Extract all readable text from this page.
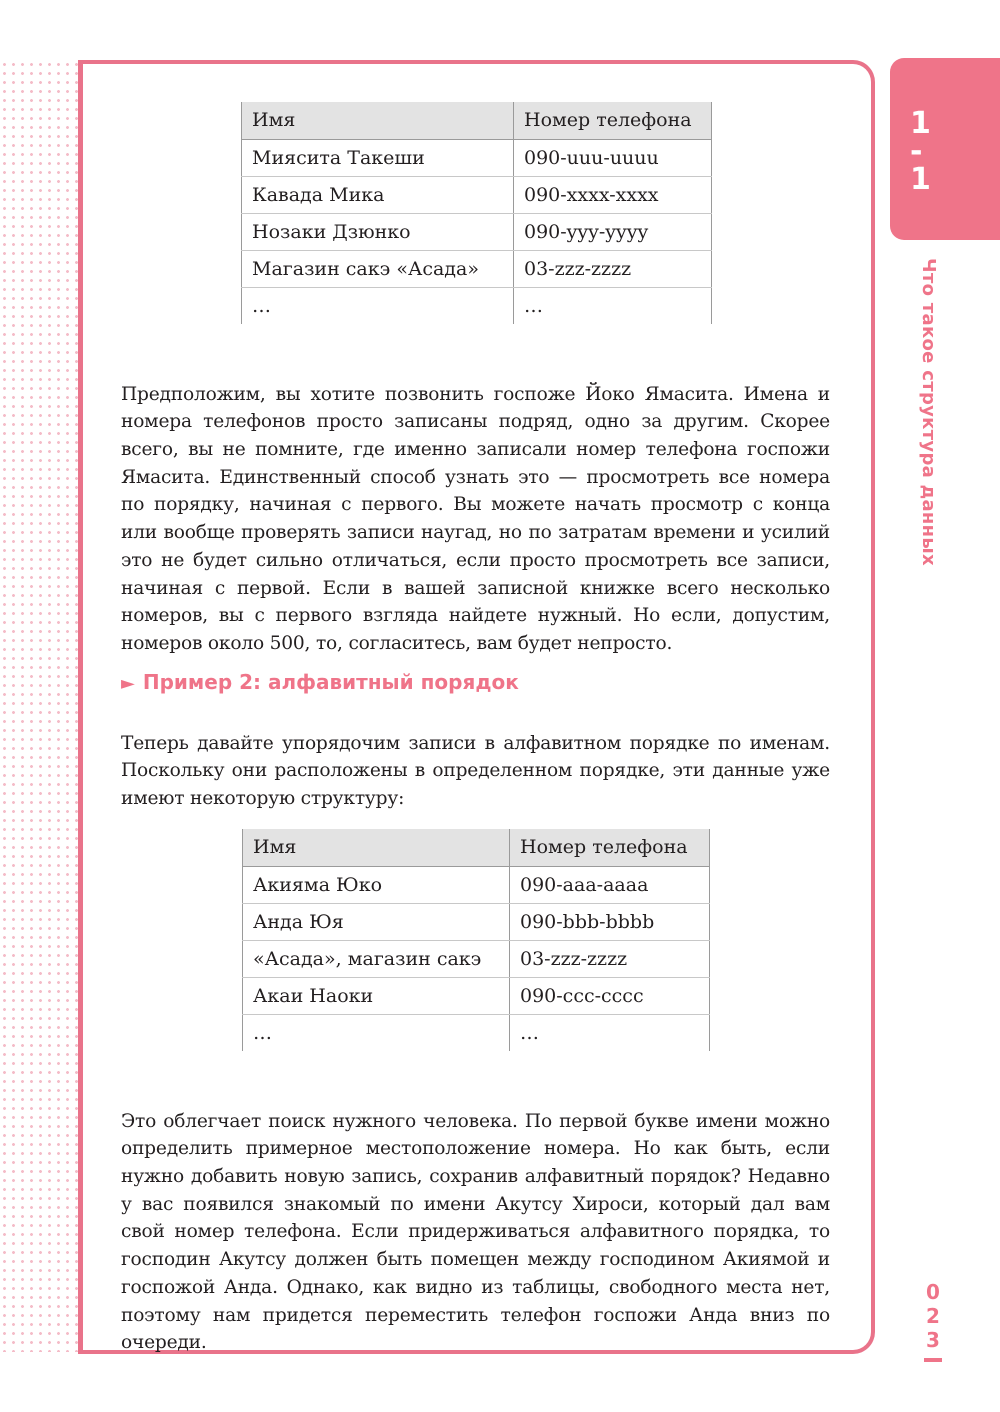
1
-
1
Что такое структура данных
0
2
3
Имя	Номер телефона
Миясита Такеши	090-uuu-uuuu
Кавада Мика	090-xxxx-xxxx
Нозаки Дзюнко	090-yyy-yyyy
Магазин сакэ «Асада»	03-zzz-zzzz
…	…

Предположим, вы хотите позвонить госпоже Йоко Ямасита. Имена и номера телефонов просто записаны подряд, одно за другим. Скорее всего, вы не помните, где именно записали номер телефона госпожи Ямасита. Единственный способ узнать это — просмотреть все номера по порядку, начиная с первого. Вы можете начать просмотр с конца или вообще проверять записи наугад, но по затратам времени и усилий это не будет сильно отличаться, если просто просмотреть все записи, начиная с первой. Если в вашей записной книжке всего несколько номеров, вы с первого взгляда найдете нужный. Но если, допустим, номеров около 500, то, согласитесь, вам будет непросто.

► Пример 2: алфавитный порядок

Теперь давайте упорядочим записи в алфавитном порядке по именам. Поскольку они расположены в определенном порядке, эти данные уже имеют некоторую структуру:

Имя	Номер телефона
Акияма Юко	090-aaa-aaaa
Анда Юя	090-bbb-bbbb
«Асада», магазин сакэ	03-zzz-zzzz
Акаи Наоки	090-ccc-cccc
…	…

Это облегчает поиск нужного человека. По первой букве имени можно определить примерное местоположение номера. Но как быть, если нужно добавить новую запись, сохранив алфавитный порядок? Недавно у вас появился знакомый по имени Акутсу Хироси, который дал вам свой номер телефона. Если придерживаться алфавитного порядка, то господин Акутсу должен быть помещен между господином Акиямой и госпожой Анда. Однако, как видно из таблицы, свободного места нет, поэтому нам придется переместить телефон госпожи Анда вниз по очереди.
